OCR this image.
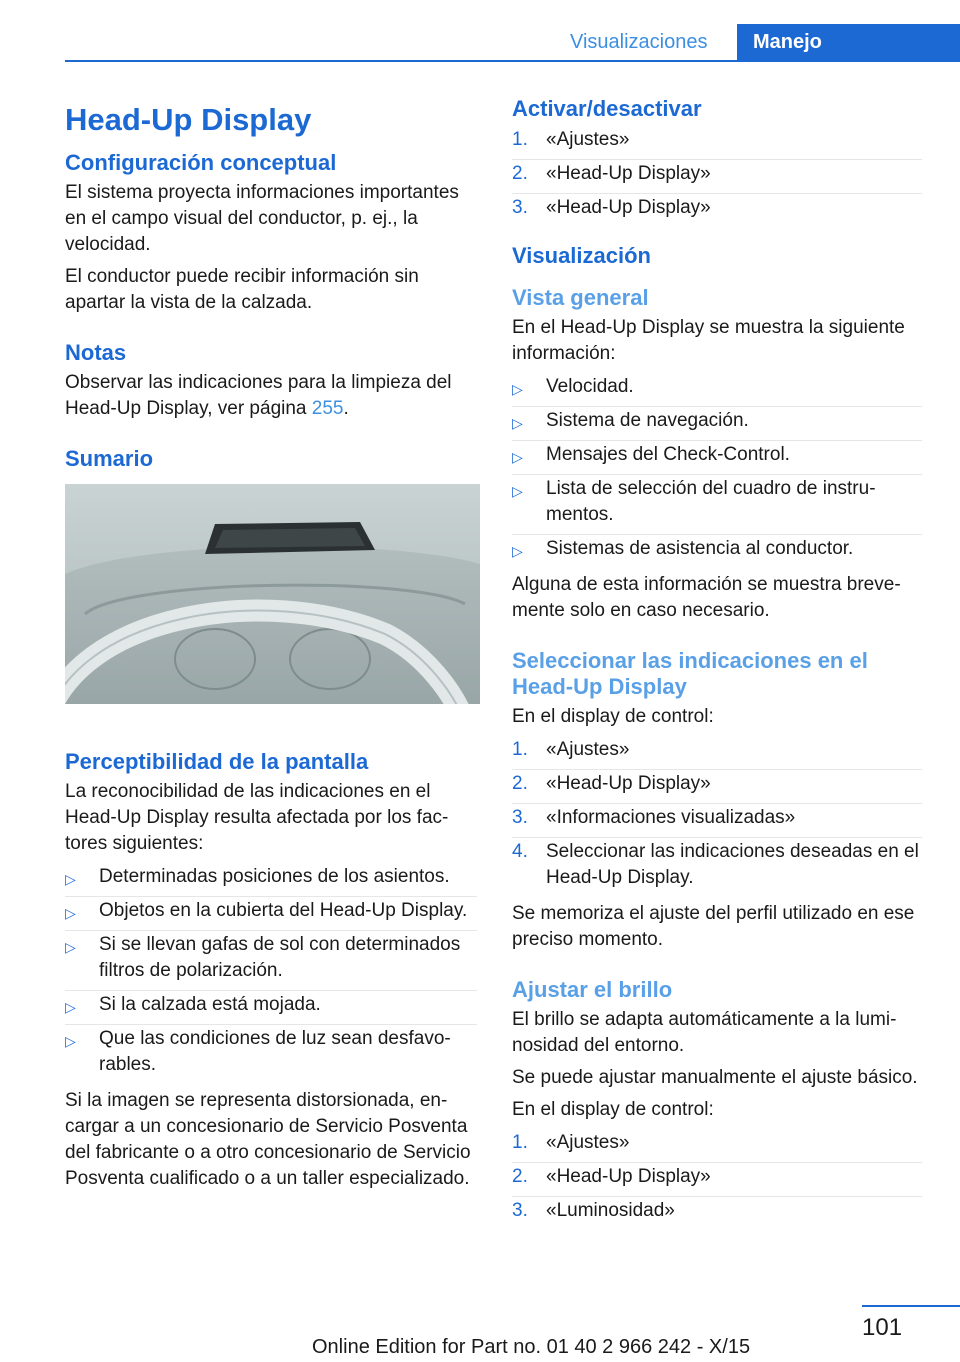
Visualizaciones	Manejo
Head-Up Display
Configuración conceptual

El sistema proyecta informaciones importantes en el campo visual del conductor, p. ej., la velocidad.

El conductor puede recibir información sin apartar la vista de la calzada.

Notas

Observar las indicaciones para la limpieza del Head-Up Display, ver página 255.

Sumario
Perceptibilidad de la pantalla

La reconocibilidad de las indicaciones en el Head-Up Display resulta afectada por los factores siguientes:

▷ Determinadas posiciones de los asientos.
▷ Objetos en la cubierta del Head-Up Display.
▷ Si se llevan gafas de sol con determinados filtros de polarización.
▷ Si la calzada está mojada.
▷ Que las condiciones de luz sean desfavorables.

Si la imagen se representa distorsionada, encargar a un concesionario de Servicio Posventa del fabricante o a otro concesionario de Servicio Posventa cualificado o a un taller especializado.

Activar/desactivar
1. «Ajustes»
2. «Head-Up Display»
3. «Head-Up Display»
Visualización
Vista general

En el Head-Up Display se muestra la siguiente información:

▷ Velocidad.
▷ Sistema de navegación.
▷ Mensajes del Check-Control.
▷ Lista de selección del cuadro de instrumentos.
▷ Sistemas de asistencia al conductor.

Alguna de esta información se muestra brevemente solo en caso necesario.

Seleccionar las indicaciones en el Head-Up Display

En el display de control:

1. «Ajustes»
2. «Head-Up Display»
3. «Informaciones visualizadas»
4. Seleccionar las indicaciones deseadas en el Head-Up Display.

Se memoriza el ajuste del perfil utilizado en ese preciso momento.

Ajustar el brillo

El brillo se adapta automáticamente a la luminosidad del entorno.

Se puede ajustar manualmente el ajuste básico.

En el display de control:

1. «Ajustes»
2. «Head-Up Display»
3. «Luminosidad»
101
Online Edition for Part no. 01 40 2 966 242 - X/15
